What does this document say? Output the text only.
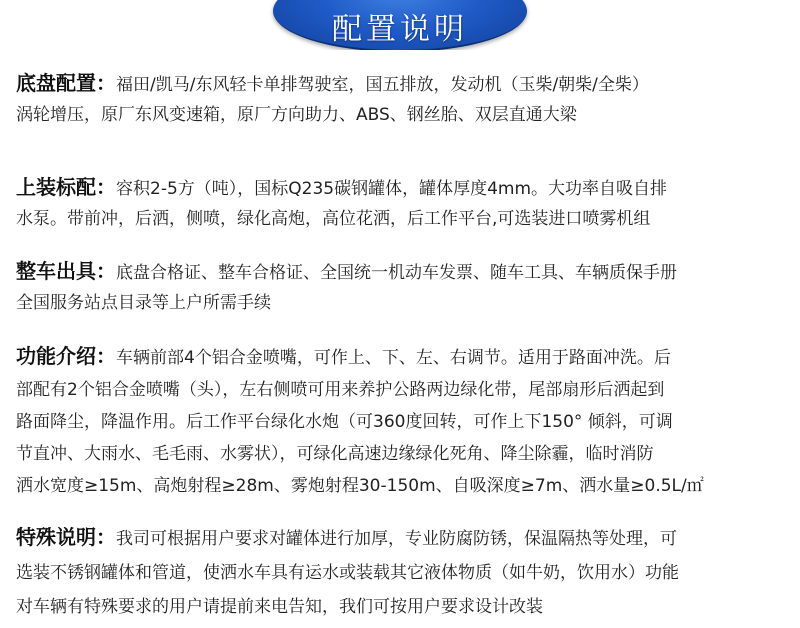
配置说明

底盘配置：福田/凯马/东风轻卡单排驾驶室，国五排放，发动机（玉柴/朝柴/全柴）

涡轮增压，原厂东风变速箱，原厂方向助力、ABS、钢丝胎、双层直通大梁

上装标配：容积2-5方（吨），国标Q235碳钢罐体，罐体厚度4mm。大功率自吸自排

水泵。带前冲，后洒，侧喷，绿化高炮，高位花洒，后工作平台,可选装进口喷雾机组

整车出具：底盘合格证、整车合格证、全国统一机动车发票、随车工具、车辆质保手册

全国服务站点目录等上户所需手续

功能介绍：车辆前部4个铝合金喷嘴，可作上、下、左、右调节。适用于路面冲洗。后

部配有2个铝合金喷嘴（头），左右侧喷可用来养护公路两边绿化带，尾部扇形后洒起到

路面降尘，降温作用。后工作平台绿化水炮（可360度回转，可作上下150° 倾斜，可调

节直冲、大雨水、毛毛雨、水雾状），可绿化高速边缘绿化死角、降尘除霾，临时消防

洒水宽度≥15m、高炮射程≥28m、雾炮射程30-150m、自吸深度≥7m、洒水量≥0.5L/㎡

特殊说明：我司可根据用户要求对罐体进行加厚，专业防腐防锈，保温隔热等处理，可

选装不锈钢罐体和管道，使洒水车具有运水或装载其它液体物质（如牛奶，饮用水）功能

对车辆有特殊要求的用户请提前来电告知，我们可按用户要求设计改装
